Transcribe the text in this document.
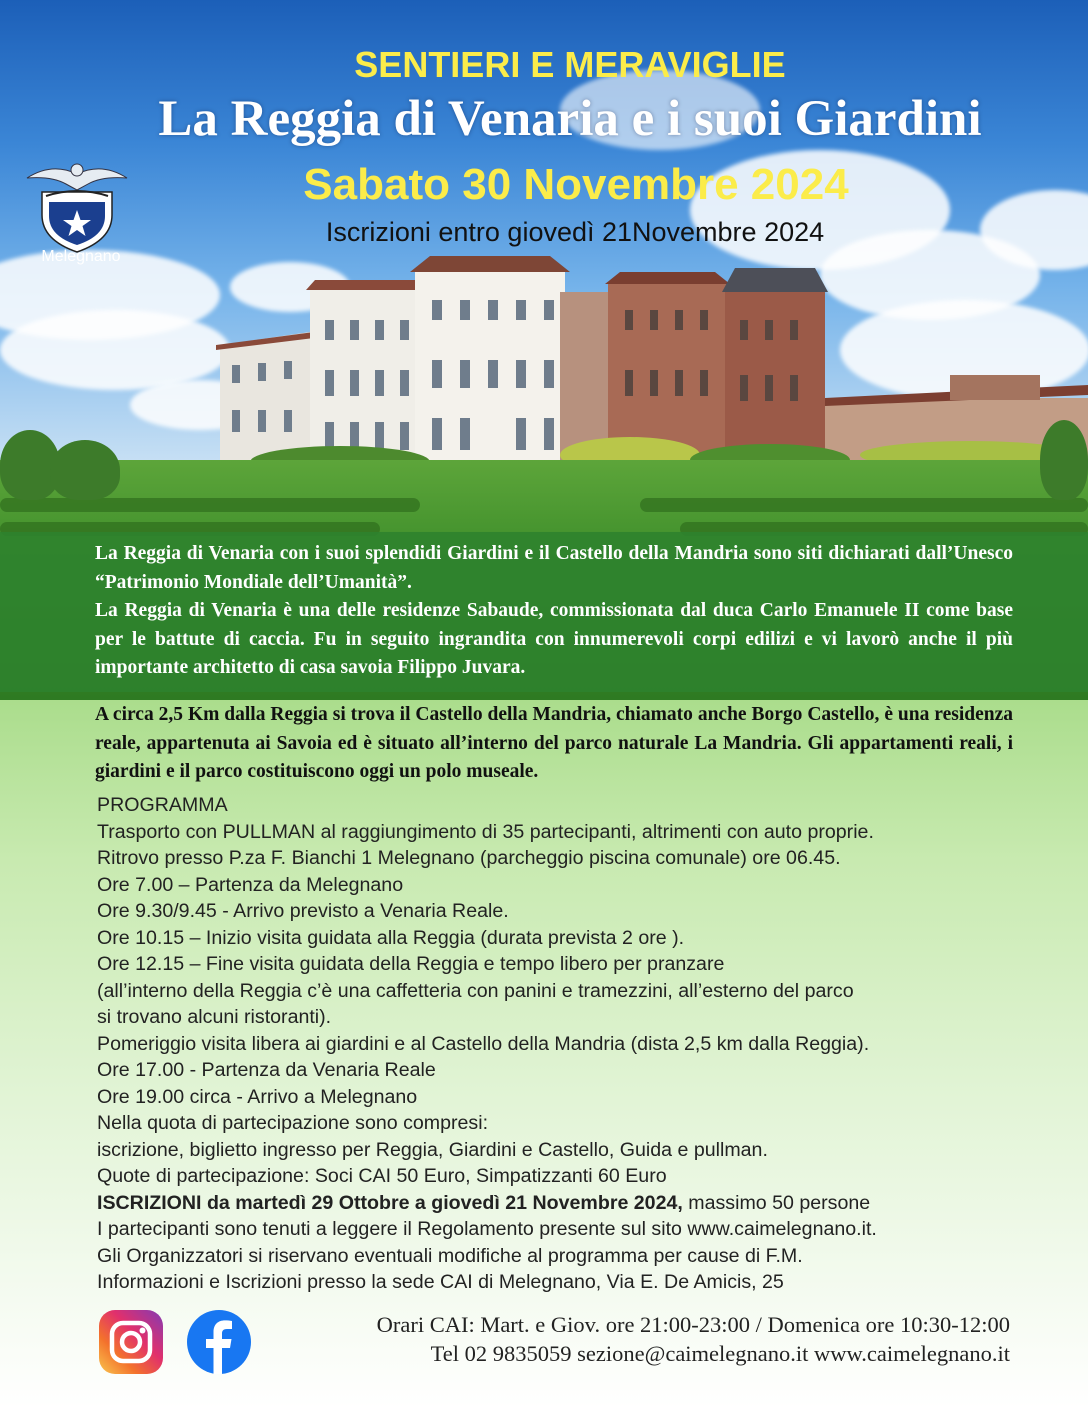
Melegnano
SENTIERI E MERAVIGLIE
La Reggia di Venaria e i suoi Giardini
Sabato 30 Novembre 2024
Iscrizioni entro giovedì 21Novembre 2024

La Reggia di Venaria con i suoi splendidi Giardini e il Castello della Mandria sono siti dichiarati dall’Unesco “Patrimonio Mondiale dell’Umanità”.

La Reggia di Venaria è una delle residenze Sabaude, commissionata dal duca Carlo Emanuele II come base per le battute di caccia. Fu in seguito ingrandita con innumerevoli corpi edilizi e vi lavorò anche il più importante architetto di casa savoia Filippo Juvara.

A circa 2,5 Km dalla Reggia si trova il Castello della Mandria, chiamato anche Borgo Castello, è una residenza reale, appartenuta ai Savoia ed è situato all’interno del parco naturale La Mandria. Gli appartamenti reali, i giardini e il parco costituiscono oggi un polo museale.
PROGRAMMA
Trasporto con PULLMAN al raggiungimento di 35 partecipanti, altrimenti con auto proprie.
Ritrovo presso P.za F. Bianchi 1 Melegnano (parcheggio piscina comunale) ore 06.45.
Ore 7.00 – Partenza da Melegnano
Ore 9.30/9.45 - Arrivo previsto a Venaria Reale.
Ore 10.15 – Inizio visita guidata alla Reggia (durata prevista 2 ore ).
Ore 12.15 – Fine visita guidata della Reggia e tempo libero per pranzare
(all’interno della Reggia c’è una caffetteria con panini e tramezzini, all’esterno del parco
si trovano alcuni ristoranti).
Pomeriggio visita libera ai giardini e al Castello della Mandria (dista 2,5 km dalla Reggia).
Ore 17.00 - Partenza da Venaria Reale
Ore 19.00 circa - Arrivo a Melegnano
Nella quota di partecipazione sono compresi:
iscrizione, biglietto ingresso per Reggia, Giardini e Castello, Guida e pullman.
Quote di partecipazione: Soci CAI 50 Euro, Simpatizzanti 60 Euro
ISCRIZIONI da martedì 29 Ottobre a giovedì 21 Novembre 2024, massimo 50 persone
I partecipanti sono tenuti a leggere il Regolamento presente sul sito www.caimelegnano.it.
Gli Organizzatori si riservano eventuali modifiche al programma per cause di F.M.
Informazioni e Iscrizioni presso la sede CAI di Melegnano, Via E. De Amicis, 25
Orari CAI: Mart. e Giov. ore 21:00-23:00 / Domenica ore 10:30-12:00
Tel 02 9835059 sezione@caimelegnano.it www.caimelegnano.it
